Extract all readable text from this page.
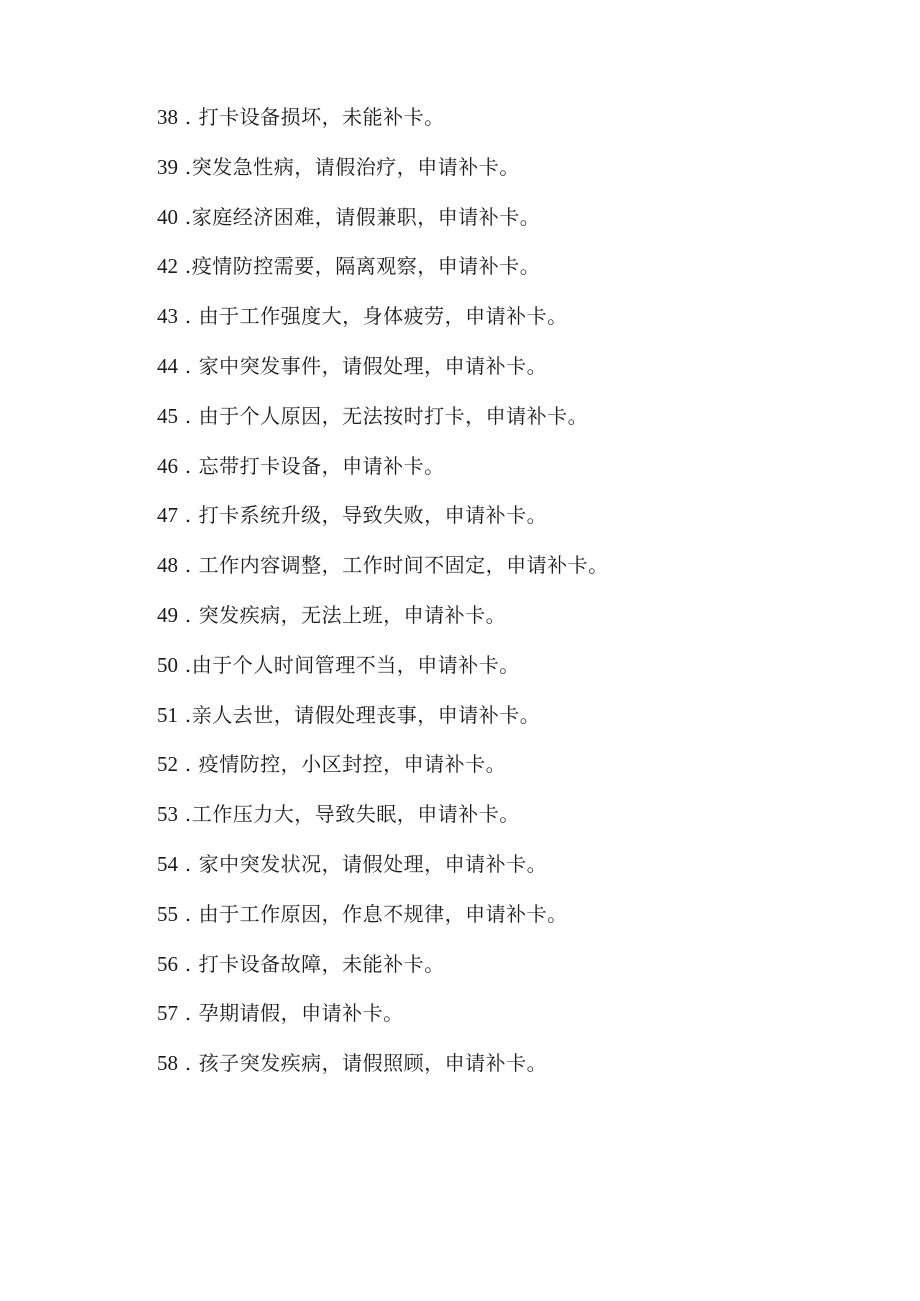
38 . 打卡设备损坏，未能补卡。
39 .突发急性病，请假治疗，申请补卡。
40 .家庭经济困难，请假兼职，申请补卡。
42 .疫情防控需要，隔离观察，申请补卡。
43 . 由于工作强度大，身体疲劳，申请补卡。
44 . 家中突发事件，请假处理，申请补卡。
45 . 由于个人原因，无法按时打卡，申请补卡。
46 . 忘带打卡设备，申请补卡。
47 . 打卡系统升级，导致失败，申请补卡。
48 . 工作内容调整，工作时间不固定，申请补卡。
49 . 突发疾病，无法上班，申请补卡。
50 .由于个人时间管理不当，申请补卡。
51 .亲人去世，请假处理丧事，申请补卡。
52 . 疫情防控，小区封控，申请补卡。
53 .工作压力大，导致失眠，申请补卡。
54 . 家中突发状况，请假处理，申请补卡。
55 . 由于工作原因，作息不规律，申请补卡。
56 . 打卡设备故障，未能补卡。
57 . 孕期请假，申请补卡。
58 . 孩子突发疾病，请假照顾，申请补卡。
